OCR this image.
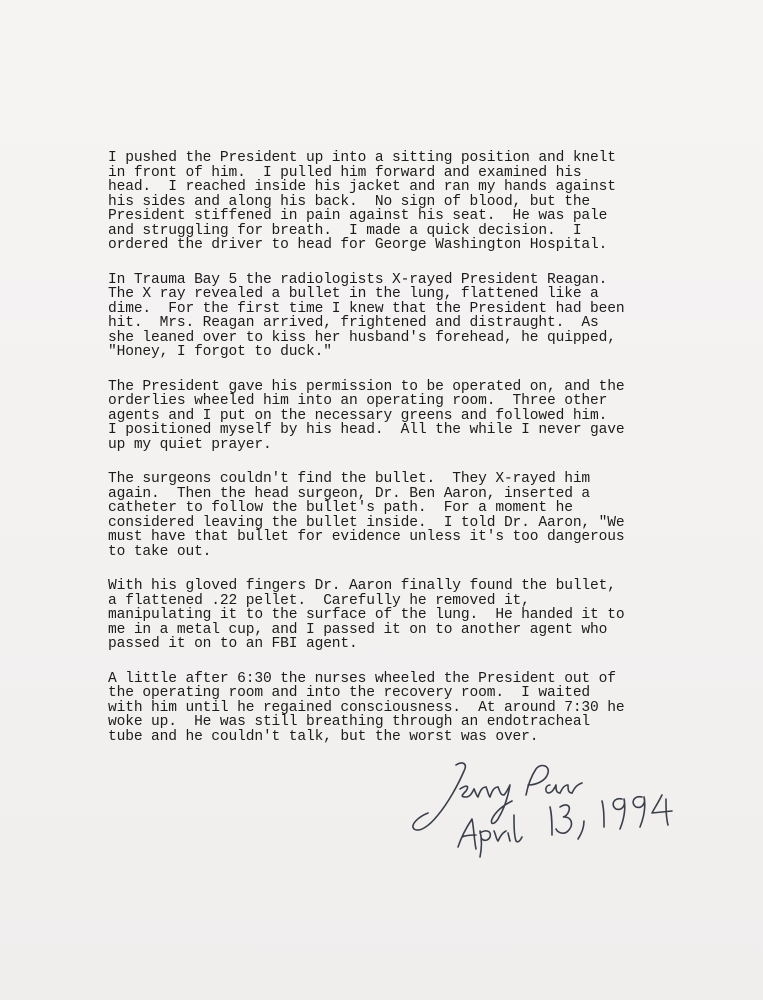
I pushed the President up into a sitting position and knelt
in front of him.  I pulled him forward and examined his
head.  I reached inside his jacket and ran my hands against
his sides and along his back.  No sign of blood, but the
President stiffened in pain against his seat.  He was pale
and struggling for breath.  I made a quick decision.  I
ordered the driver to head for George Washington Hospital.

In Trauma Bay 5 the radiologists X-rayed President Reagan.
The X ray revealed a bullet in the lung, flattened like a
dime.  For the first time I knew that the President had been
hit.  Mrs. Reagan arrived, frightened and distraught.  As
she leaned over to kiss her husband's forehead, he quipped,
"Honey, I forgot to duck."

The President gave his permission to be operated on, and the
orderlies wheeled him into an operating room.  Three other
agents and I put on the necessary greens and followed him.
I positioned myself by his head.  All the while I never gave
up my quiet prayer.

The surgeons couldn't find the bullet.  They X-rayed him
again.  Then the head surgeon, Dr. Ben Aaron, inserted a
catheter to follow the bullet's path.  For a moment he
considered leaving the bullet inside.  I told Dr. Aaron, "We
must have that bullet for evidence unless it's too dangerous
to take out.

With his gloved fingers Dr. Aaron finally found the bullet,
a flattened .22 pellet.  Carefully he removed it,
manipulating it to the surface of the lung.  He handed it to
me in a metal cup, and I passed it on to another agent who
passed it on to an FBI agent.

A little after 6:30 the nurses wheeled the President out of
the operating room and into the recovery room.  I waited
with him until he regained consciousness.  At around 7:30 he
woke up.  He was still breathing through an endotracheal
tube and he couldn't talk, but the worst was over.
